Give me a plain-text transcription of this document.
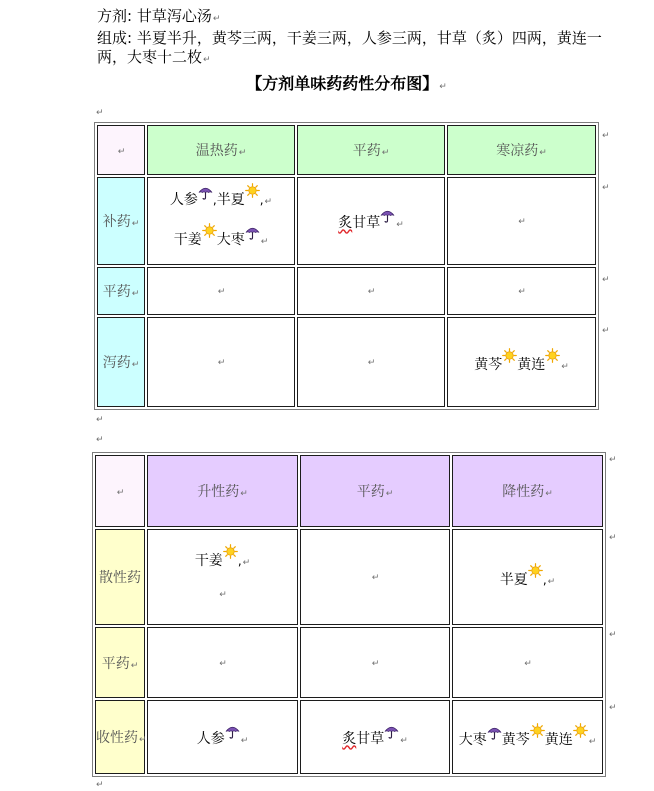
方剂: 甘草泻心汤↵

组成: 半夏半升，黄芩三两，干姜三两，人参三两，甘草（炙）四两，黄连一两，大枣十二枚↵

【方剂单味药药性分布图】↵
↵
↵	温热药↵	平药↵	寒凉药↵
补药↵	人参 ,半夏 ,↵
干姜 大枣 ↵	炙甘草 ↵	↵

平药↵	↵	↵	↵

泻药↵	↵	↵	黄芩 黄连 ↵
↵
↵
↵
↵
↵
↵
↵	升性药↵	平药↵	降性药↵
散性药	干姜 ,↵
↵	↵	半夏 ,↵

平药↵	↵	↵	↵

收性药↵	人参 ↵	炙甘草 ↵	大枣 黄芩 黄连 ↵
↵
↵
↵
↵
↵
